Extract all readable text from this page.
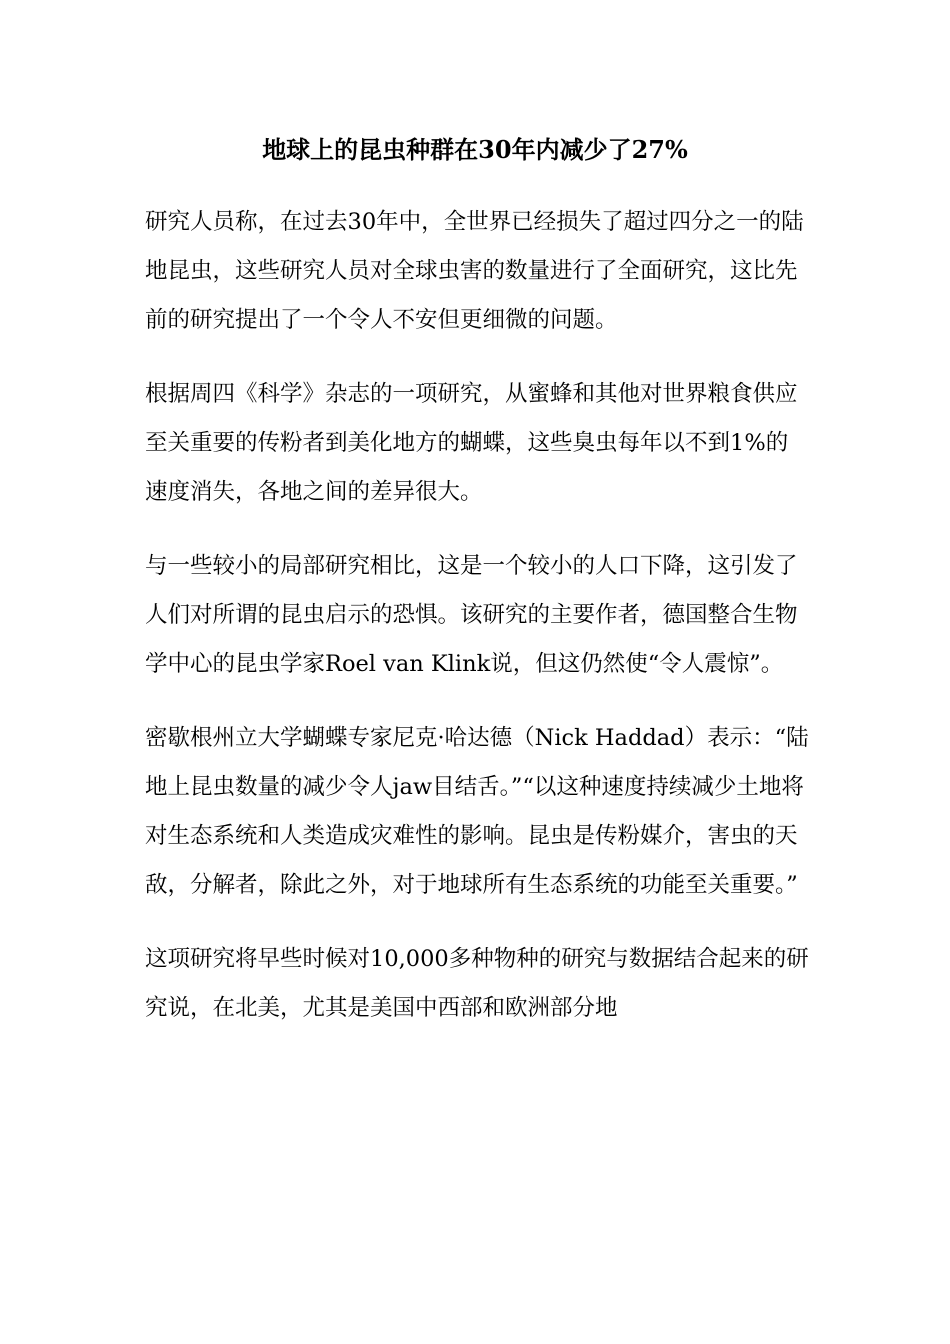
地球上的昆虫种群在30年内减少了27%

研究人员称，在过去30年中，全世界已经损失了超过四分之一的陆地昆虫，这些研究人员对全球虫害的数量进行了全面研究，这比先前的研究提出了一个令人不安但更细微的问题。

根据周四《科学》杂志的一项研究，从蜜蜂和其他对世界粮食供应至关重要的传粉者到美化地方的蝴蝶，这些臭虫每年以不到1%的速度消失，各地之间的差异很大。

与一些较小的局部研究相比，这是一个较小的人口下降，这引发了人们对所谓的昆虫启示的恐惧。该研究的主要作者，德国整合生物学中心的昆虫学家Roel van Klink说，但这仍然使“令人震惊”。

密歇根州立大学蝴蝶专家尼克·哈达德（Nick Haddad）表示：“陆地上昆虫数量的减少令人jaw目结舌。”“以这种速度持续减少土地将对生态系统和人类造成灾难性的影响。昆虫是传粉媒介，害虫的天敌，分解者，除此之外，对于地球所有生态系统的功能至关重要。”

这项研究将早些时候对10,000多种物种的研究与数据结合起来的研究说，在北美，尤其是美国中西部和欧洲部分地
